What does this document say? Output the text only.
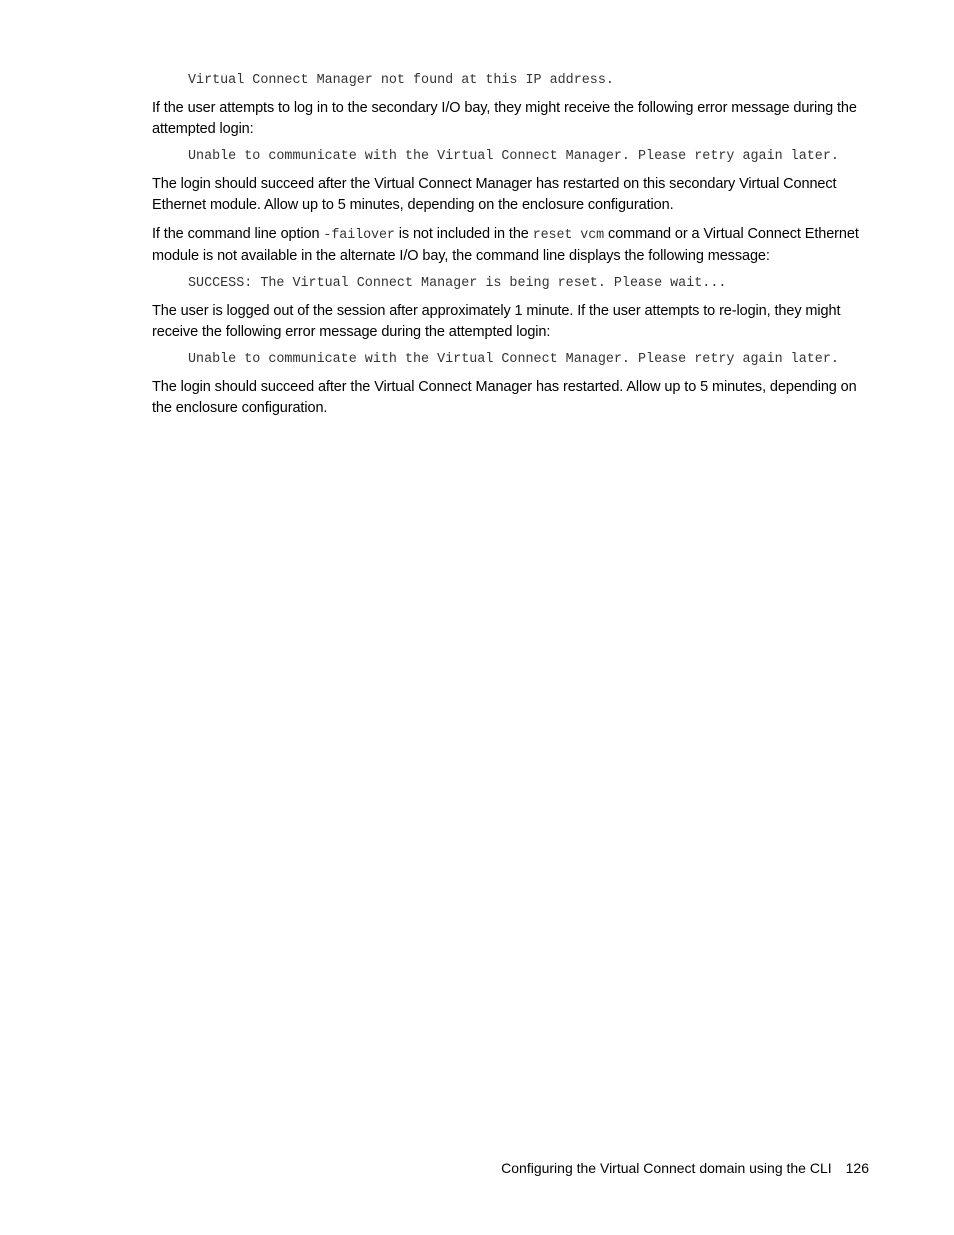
Virtual Connect Manager not found at this IP address.

If the user attempts to log in to the secondary I/O bay, they might receive the following error message during the attempted login:

Unable to communicate with the Virtual Connect Manager. Please retry again later.

The login should succeed after the Virtual Connect Manager has restarted on this secondary Virtual Connect Ethernet module. Allow up to 5 minutes, depending on the enclosure configuration.

If the command line option -failover is not included in the reset vcm command or a Virtual Connect Ethernet module is not available in the alternate I/O bay, the command line displays the following message:

SUCCESS: The Virtual Connect Manager is being reset. Please wait...

The user is logged out of the session after approximately 1 minute. If the user attempts to re-login, they might receive the following error message during the attempted login:

Unable to communicate with the Virtual Connect Manager. Please retry again later.

The login should succeed after the Virtual Connect Manager has restarted. Allow up to 5 minutes, depending on the enclosure configuration.

Configuring the Virtual Connect domain using the CLI 126
